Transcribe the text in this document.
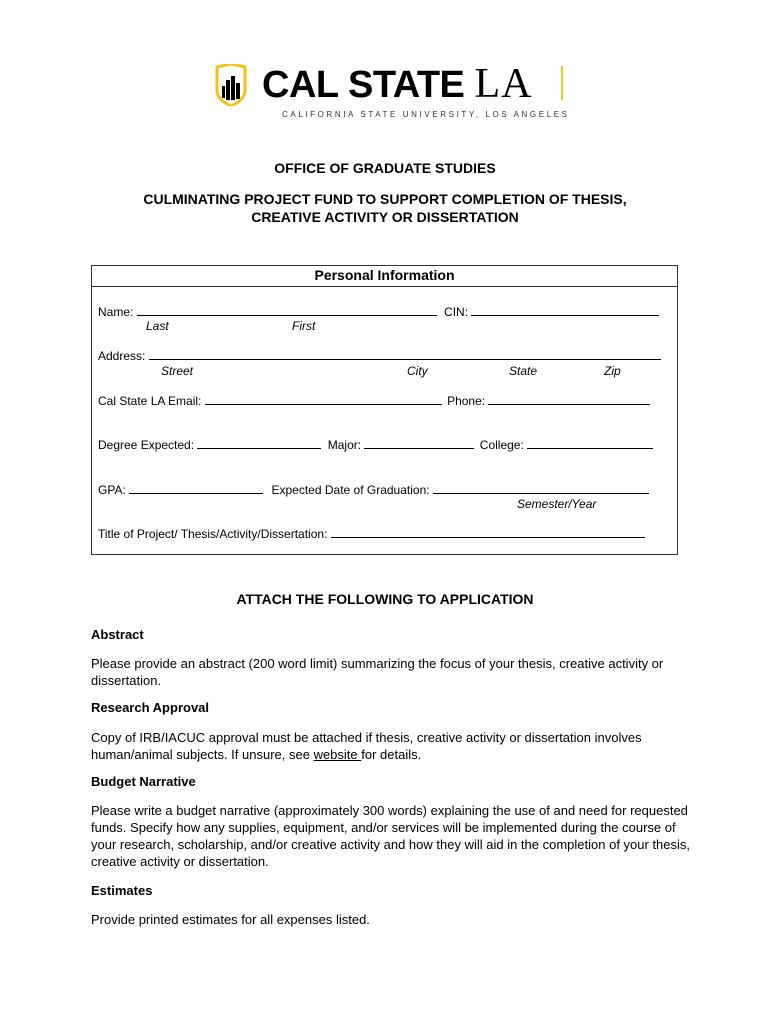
CAL STATE LA
CALIFORNIA STATE UNIVERSITY, LOS ANGELES
OFFICE OF GRADUATE STUDIES
CULMINATING PROJECT FUND TO SUPPORT COMPLETION OF THESIS,
CREATIVE ACTIVITY OR DISSERTATION
Personal Information
Name:	CIN:
Last	First
Address:
Street	City	State	Zip
Cal State LA Email:	Phone:
Degree Expected:	Major:	College:
GPA:	Expected Date of Graduation:
Semester/Year
Title of Project/ Thesis/Activity/Dissertation:
ATTACH THE FOLLOWING TO APPLICATION
Abstract
Please provide an abstract (200 word limit) summarizing the focus of your thesis, creative activity or dissertation.
Research Approval
Copy of IRB/IACUC approval must be attached if thesis, creative activity or dissertation involves human/animal subjects. If unsure, see website for details.
Budget Narrative
Please write a budget narrative (approximately 300 words) explaining the use of and need for requested funds. Specify how any supplies, equipment, and/or services will be implemented during the course of your research, scholarship, and/or creative activity and how they will aid in the completion of your thesis, creative activity or dissertation.
Estimates
Provide printed estimates for all expenses listed.
